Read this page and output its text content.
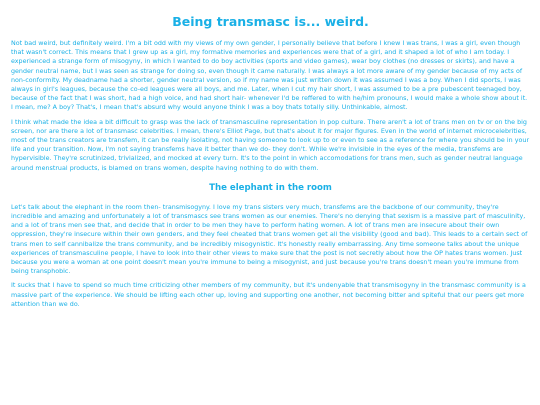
Being transmasc is... weird.

Not bad weird, but definitely weird. I'm a bit odd with my views of my own gender, I personally believe that before I knew I was trans, I was a girl, even though that wasn't correct. This means that I grew up as a girl, my formative memories and experiences were that of a girl, and it shaped a lot of who I am today. I experienced a strange form of misogyny, in which I wanted to do boy activities (sports and video games), wear boy clothes (no dresses or skirts), and have a gender neutral name, but I was seen as strange for doing so, even though it came naturally. I was always a lot more aware of my gender because of my acts of non-conformity. My deadname had a shorter, gender neutral version, so if my name was just written down it was assumed I was a boy. When I did sports, I was always in girl's leagues, because the co-ed leagues were all boys, and me. Later, when I cut my hair short, I was assumed to be a pre pubescent teenaged boy, because of the fact that I was short, had a high voice, and had short hair- whenever I'd be reffered to with he/him pronouns, I would make a whole show about it. I mean, me? A boy? That's, I mean that's absurd why would anyone think I was a boy thats totally silly. Unthinkable, almost.

I think what made the idea a bit difficult to grasp was the lack of transmasculine representation in pop culture. There aren't a lot of trans men on tv or on the big screen, nor are there a lot of transmasc celebrities. I mean, there's Elliot Page, but that's about it for major figures. Even in the world of internet microcelebrities, most of the trans creators are transfem, it can be really isolating, not having someone to look up to or even to see as a reference for where you should be in your life and your transition. Now, I'm not saying transfems have it better than we do- they don't. While we're invisible in the eyes of the media, transfems are hypervisible. They're scrutinized, trivialized, and mocked at every turn. It's to the point in which accomodations for trans men, such as gender neutral language around menstrual products, is blamed on trans women, despite having nothing to do with them.

The elephant in the room

Let's talk about the elephant in the room then- transmisogyny. I love my trans sisters very much, transfems are the backbone of our community, they're incredible and amazing and unfortunately a lot of transmascs see trans women as our enemies. There's no denying that sexism is a massive part of masculinity, and a lot of trans men see that, and decide that in order to be men they have to perform hating women. A lot of trans men are insecure about their own oppression, they're insecure within their own genders, and they feel cheated that trans women get all the visibility (good and bad). This leads to a certain sect of trans men to self cannibalize the trans community, and be incredibly misogynistic. It's honestly really embarrassing. Any time someone talks about the unique experiences of transmasculine people, I have to look into their other views to make sure that the post is not secretly about how the OP hates trans women. Just because you were a woman at one point doesn't mean you're immune to being a misogynist, and just because you're trans doesn't mean you're immune from being transphobic.

It sucks that I have to spend so much time criticizing other members of my community, but it's undenyable that transmisogyny in the transmasc community is a massive part of the experience. We should be lifting each other up, loving and supporting one another, not becoming bitter and spiteful that our peers get more attention than we do.
